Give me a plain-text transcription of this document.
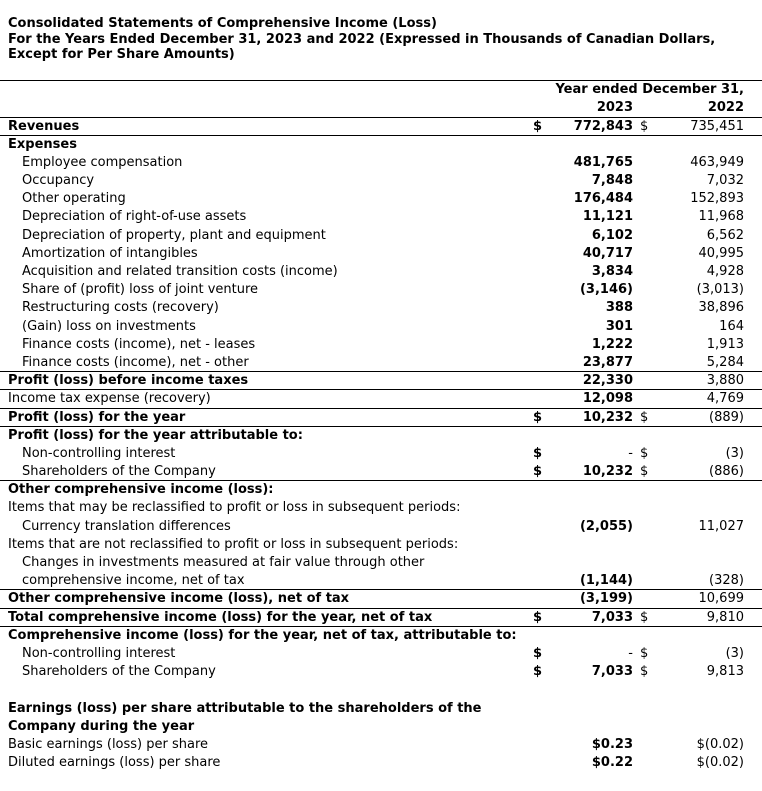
Consolidated Statements of Comprehensive Income (Loss)
For the Years Ended December 31, 2023 and 2022 (Expressed in Thousands of Canadian Dollars,
Except for Per Share Amounts)
Year ended December 31,
2023	2022
Revenues	$	772,843 $	735,451
Expenses
Employee compensation	481,765	463,949
Occupancy	7,848	7,032
Other operating	176,484	152,893
Depreciation of right-of-use assets	11,121	11,968
Depreciation of property, plant and equipment	6,102	6,562
Amortization of intangibles	40,717	40,995
Acquisition and related transition costs (income)	3,834	4,928
Share of (profit) loss of joint venture	(3,146)	(3,013)
Restructuring costs (recovery)	388	38,896
(Gain) loss on investments	301	164
Finance costs (income), net - leases	1,222	1,913
Finance costs (income), net - other	23,877	5,284
Profit (loss) before income taxes	22,330	3,880
Income tax expense (recovery)	12,098	4,769
Profit (loss) for the year	$	10,232 $	(889)
Profit (loss) for the year attributable to:
Non-controlling interest	$	- $	(3)
Shareholders of the Company	$	10,232 $	(886)
Other comprehensive income (loss):
Items that may be reclassified to profit or loss in subsequent periods:
Currency translation differences	(2,055)	11,027
Items that are not reclassified to profit or loss in subsequent periods:
Changes in investments measured at fair value through other
comprehensive income, net of tax	(1,144)	(328)
Other comprehensive income (loss), net of tax	(3,199)	10,699
Total comprehensive income (loss) for the year, net of tax	$	7,033 $	9,810
Comprehensive income (loss) for the year, net of tax, attributable to:
Non-controlling interest	$	- $	(3)
Shareholders of the Company	$	7,033 $	9,813
Earnings (loss) per share attributable to the shareholders of the
Company during the year
Basic earnings (loss) per share	$0.23	$(0.02)
Diluted earnings (loss) per share	$0.22	$(0.02)
